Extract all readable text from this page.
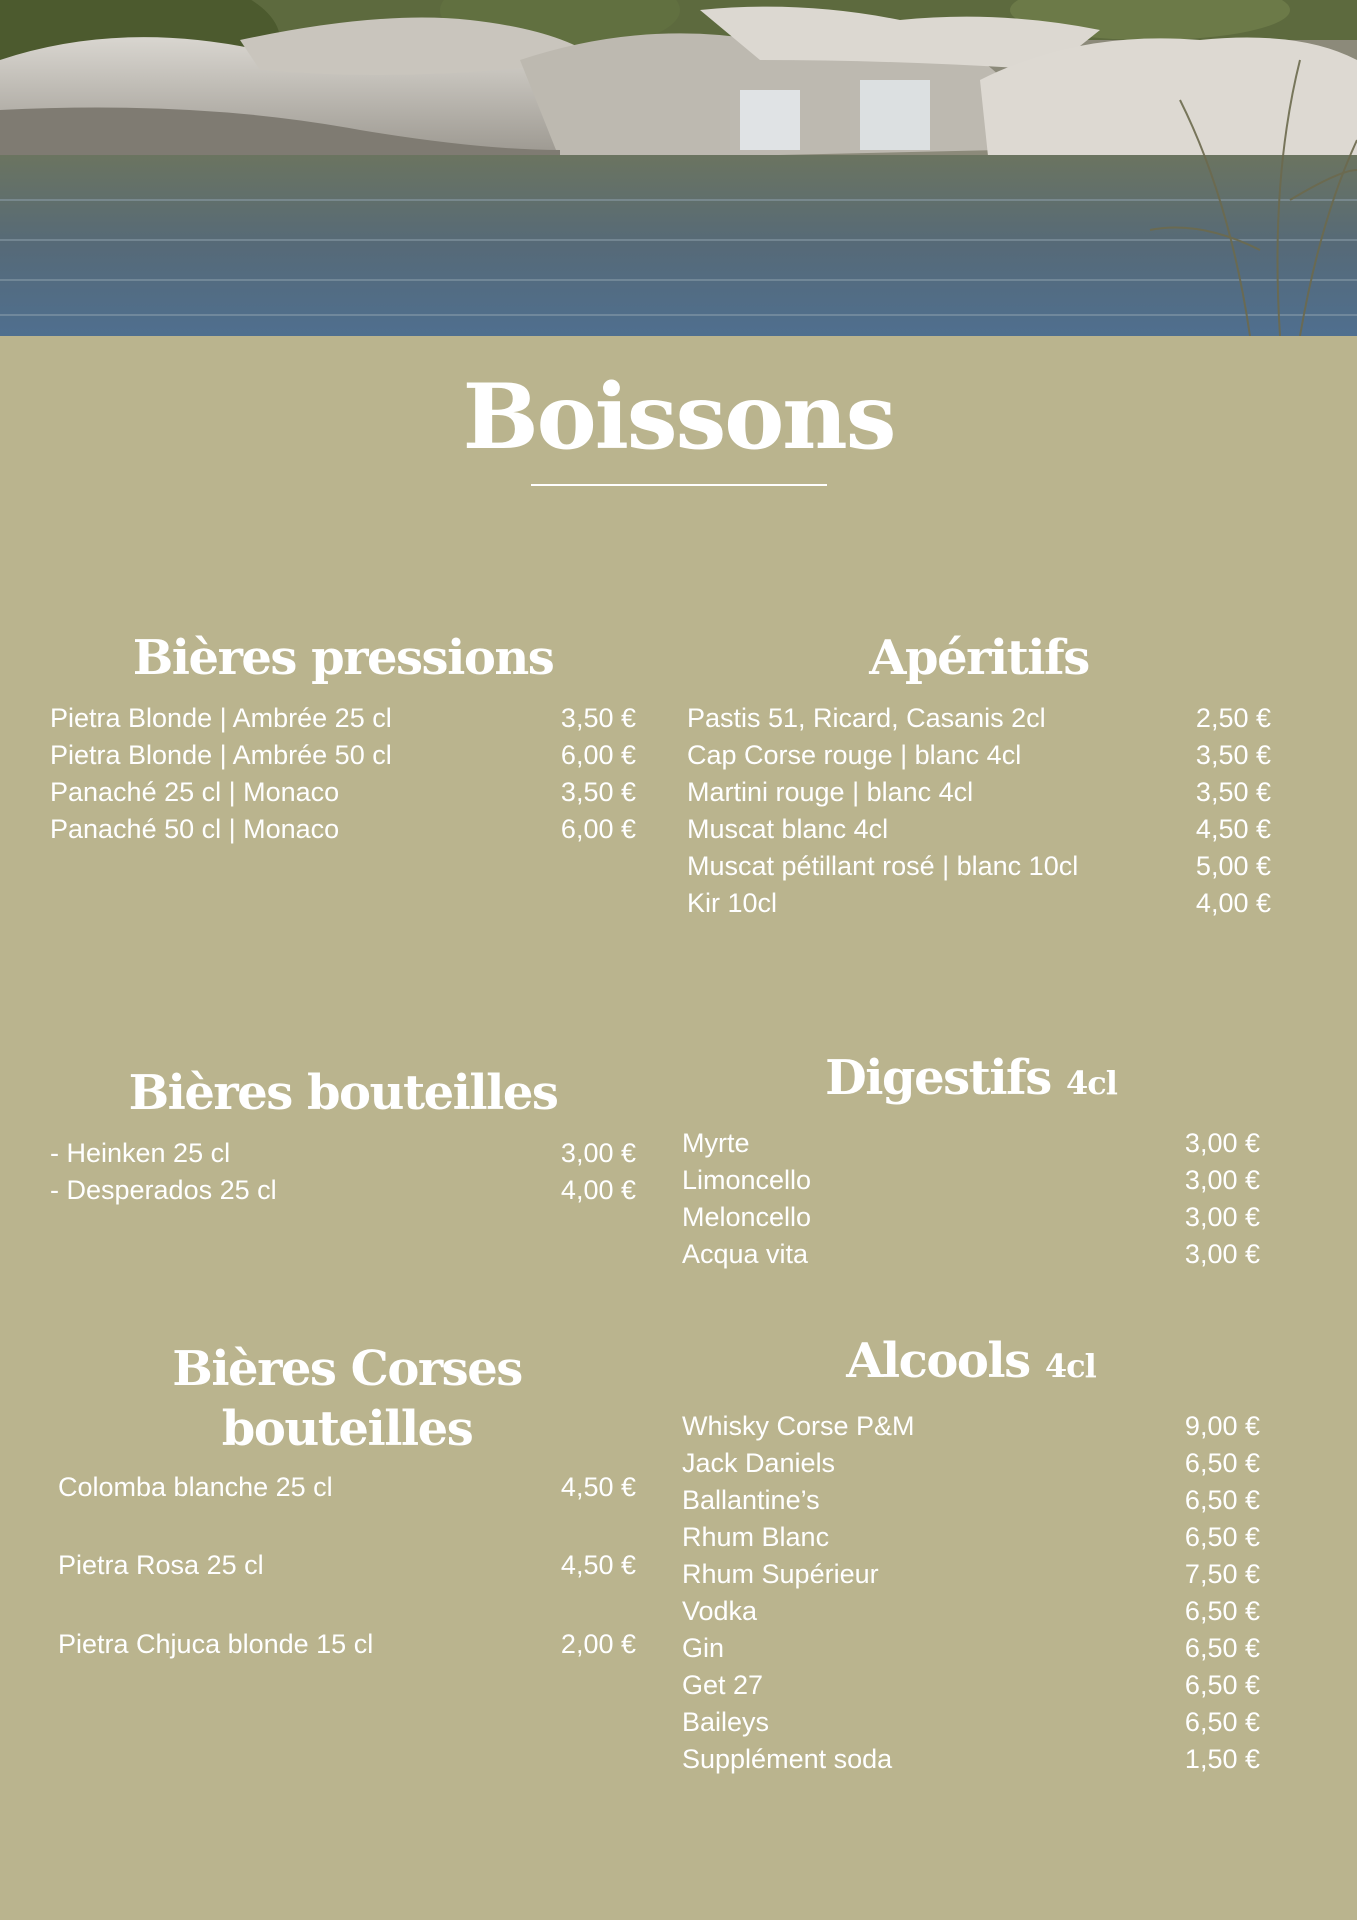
Boissons
Bières pressions
Pietra Blonde | Ambrée 25 cl	3,50 €
Pietra Blonde | Ambrée 50 cl	6,00 €
Panaché 25 cl | Monaco	3,50 €
Panaché 50 cl | Monaco	6,00 €
Apéritifs
Pastis 51, Ricard, Casanis 2cl	2,50 €
Cap Corse rouge | blanc 4cl	3,50 €
Martini rouge | blanc 4cl	3,50 €
Muscat blanc 4cl	4,50 €
Muscat pétillant rosé | blanc 10cl	5,00 €
Kir 10cl	4,00 €
Bières bouteilles
- Heinken 25 cl	3,00 €
- Desperados 25 cl	4,00 €
Digestifs 4cl
Myrte	3,00 €
Limoncello	3,00 €
Meloncello	3,00 €
Acqua vita	3,00 €
Bières Corses bouteilles
Colomba blanche 25 cl	4,50 €
Pietra Rosa 25 cl	4,50 €
Pietra Chjuca blonde 15 cl	2,00 €
Alcools 4cl
Whisky Corse P&M	9,00 €
Jack Daniels	6,50 €
Ballantine’s	6,50 €
Rhum Blanc	6,50 €
Rhum Supérieur	7,50 €
Vodka	6,50 €
Gin	6,50 €
Get 27	6,50 €
Baileys	6,50 €
Supplément soda	1,50 €
